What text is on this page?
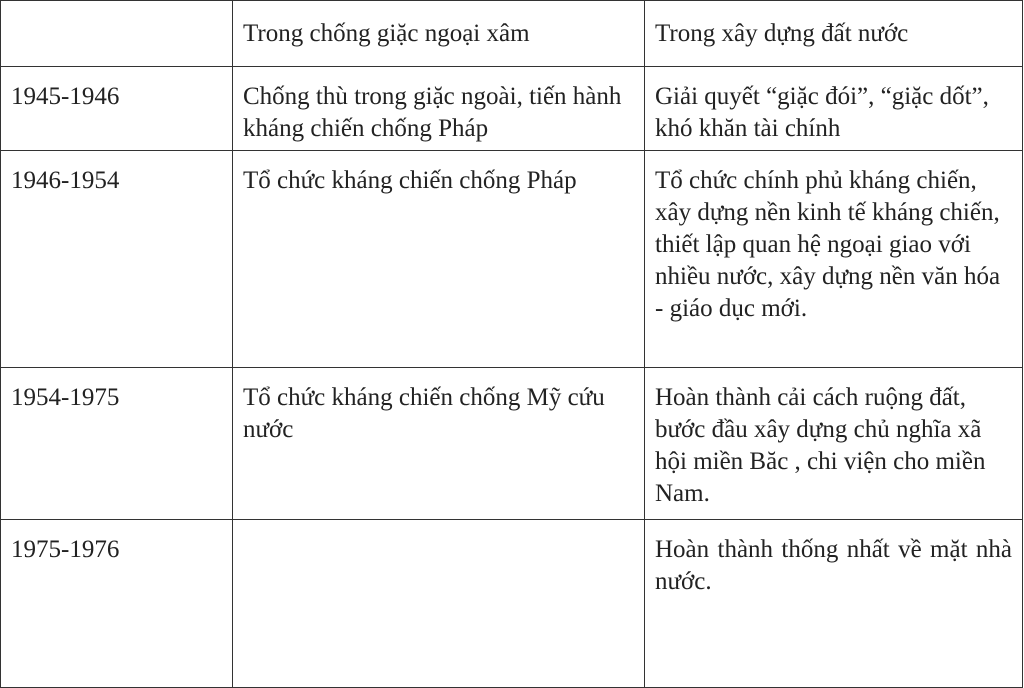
	Trong chống giặc ngoại xâm	Trong xây dựng đất nước
1945-1946	Chống thù trong giặc ngoài, tiến hành kháng chiến chống Pháp	Giải quyết “giặc đói”, “giặc dốt”, khó khăn tài chính
1946-1954	Tổ chức kháng chiến chống Pháp	Tổ chức chính phủ kháng chiến, xây dựng nền kinh tế kháng chiến, thiết lập quan hệ ngoại giao với nhiều nước, xây dựng nền văn hóa - giáo dục mới.
1954-1975	Tổ chức kháng chiến chống Mỹ cứu nước	Hoàn thành cải cách ruộng đất, bước đầu xây dựng chủ nghĩa xã hội miền Băc , chi viện cho miền Nam.
1975-1976		Hoàn thành thống nhất về mặt nhà nước.
